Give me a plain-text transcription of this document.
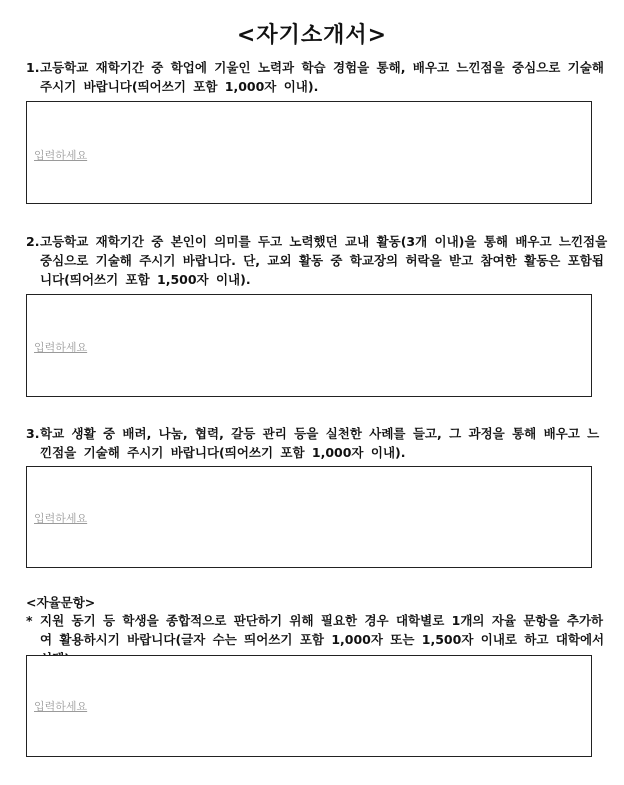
<자기소개서>
1. 고등학교 재학기간 중 학업에 기울인 노력과 학습 경험을 통해, 배우고 느낀점을 중심으로 기술해 주시기 바랍니다(띄어쓰기 포함 1,000자 이내).
입력하세요
2. 고등학교 재학기간 중 본인이 의미를 두고 노력했던 교내 활동(3개 이내)을 통해 배우고 느낀점을 중심으로 기술해 주시기 바랍니다. 단, 교외 활동 중 학교장의 허락을 받고 참여한 활동은 포함됩니다(띄어쓰기 포함 1,500자 이내).
입력하세요
3. 학교 생활 중 배려, 나눔, 협력, 갈등 관리 등을 실천한 사례를 들고, 그 과정을 통해 배우고 느낀점을 기술해 주시기 바랍니다(띄어쓰기 포함 1,000자 이내).
입력하세요
<자율문항>
* 지원 동기 등 학생을 종합적으로 판단하기 위해 필요한 경우 대학별로 1개의 자율 문항을 추가하여 활용하시기 바랍니다(글자 수는 띄어쓰기 포함 1,000자 또는 1,500자 이내로 하고 대학에서
입력하세요
